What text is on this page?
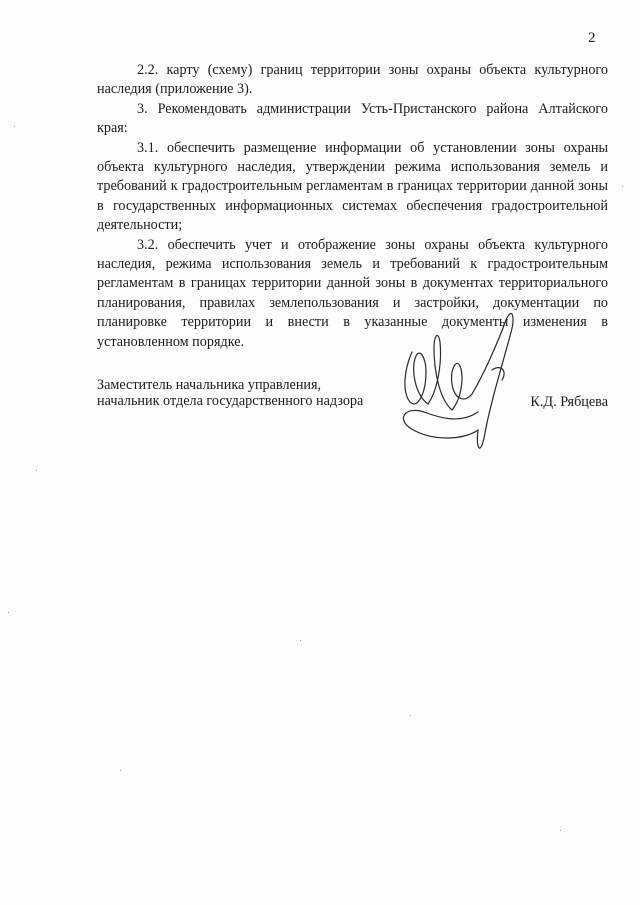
2

2.2. карту (схему) границ территории зоны охраны объекта культурного наследия (приложение 3).

3. Рекомендовать администрации Усть-Пристанского района Алтайского края:

3.1. обеспечить размещение информации об установлении зоны охраны объекта культурного наследия, утверждении режима использования земель и требований к градостроительным регламентам в границах территории данной зоны в государственных информационных системах обеспечения градостроительной деятельности;

3.2. обеспечить учет и отображение зоны охраны объекта культурного наследия, режима использования земель и требований к градостроительным регламентам в границах территории данной зоны в документах территориального планирования, правилах землепользования и застройки, документации по планировке территории и внести в указанные документы изменения в установленном порядке.

Заместитель начальника управления,
начальник отдела государственного надзора	К.Д. Рябцева
